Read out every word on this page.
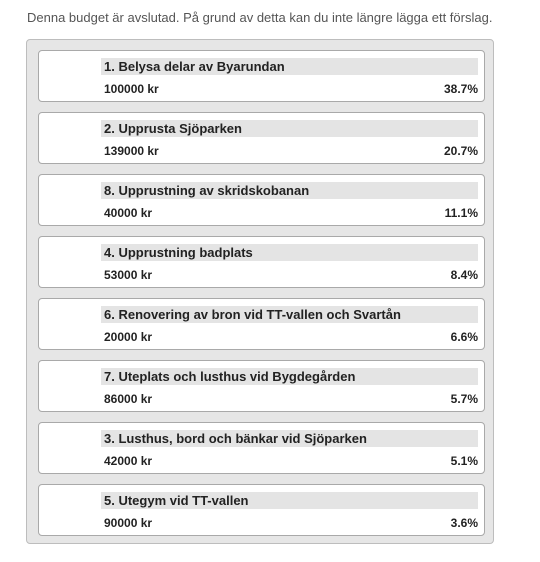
Denna budget är avslutad. På grund av detta kan du inte längre lägga ett förslag.
1. Belysa delar av Byarundan
100000 kr	38.7%
2. Upprusta Sjöparken
139000 kr	20.7%
8. Upprustning av skridskobanan
40000 kr	11.1%
4. Upprustning badplats
53000 kr	8.4%
6. Renovering av bron vid TT-vallen och Svartån
20000 kr	6.6%
7. Uteplats och lusthus vid Bygdegården
86000 kr	5.7%
3. Lusthus, bord och bänkar vid Sjöparken
42000 kr	5.1%
5. Utegym vid TT-vallen
90000 kr	3.6%
